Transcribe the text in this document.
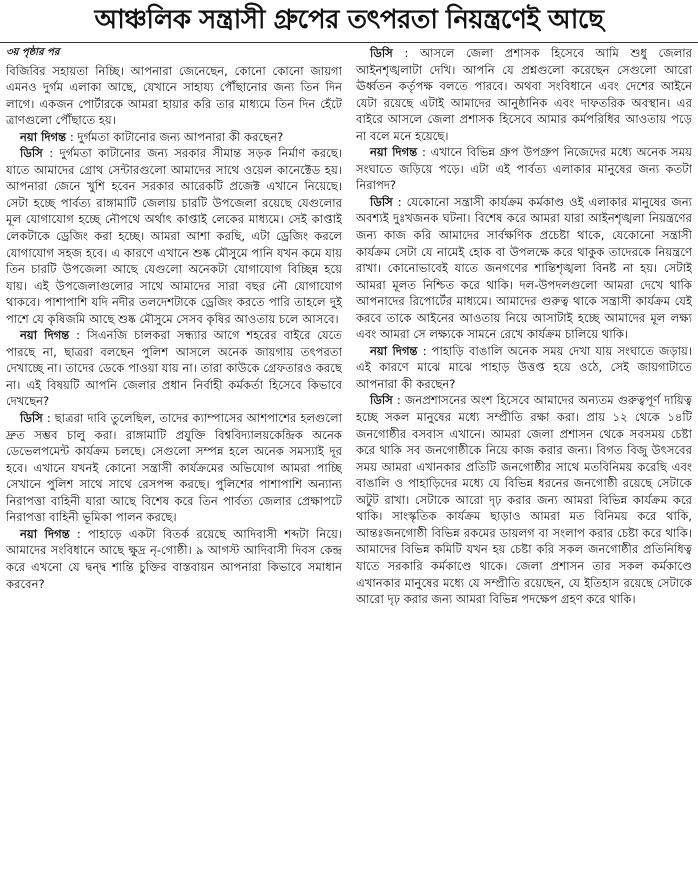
আঞ্চলিক সন্ত্রাসী গ্রুপের তৎপরতা নিয়ন্ত্রণেই আছে
৩য় পৃষ্ঠার পর

বিজিবির সহায়তা নিচ্ছি। আপনারা জেনেছেন, কোনো কোনো জায়গা এমনও দুর্গম এলাকা আছে, যেখানে সাহায্য পৌঁছানোর জন্য তিন দিন লাগে। একজন পোর্টারকে আমরা হায়ার করি তার মাধ্যমে তিন দিন হেঁটে ত্রাণগুলো পৌঁছাতে হয়।

নয়া দিগন্ত : দুর্গমতা কাটানোর জন্য আপনারা কী করছেন?

ডিসি : দুর্গমতা কাটানোর জন্য সরকার সীমান্ত সড়ক নির্মাণ করছে। যাতে আমাদের গ্রোথ সেন্টারগুলো আমাদের সাথে ওয়েল কানেক্টেড হয়। আপনারা জেনে খুশি হবেন সরকার আরেকটি প্রজেক্ট এখানে নিয়েছে। সেটা হচ্ছে পার্বত্য রাঙ্গামাটি জেলায় চারটি উপজেলা রয়েছে যেগুলোর মূল যোগাযোগ হচ্ছে নৌপথে অর্থাৎ কাপ্তাই লেকের মাধ্যমে। সেই কাপ্তাই লেকটাকে ড্রেজিং করা হচ্ছে। আমরা আশা করছি, এটা ড্রেজিং করলে যোগাযোগ সহজ হবে। এ কারণে এখানে শুষ্ক মৌসুমে পানি যখন কমে যায় তিন চারটি উপজেলা আছে যেগুলো অনেকটা যোগাযোগ বিচ্ছিন্ন হয়ে যায়। এই উপজেলাগুলোর সাথে আমাদের সারা বছর নৌ যোগাযোগ থাকবে। পাশাপাশি যদি নদীর তলদেশটাকে ড্রেজিং করতে পারি তাহলে দুই পাশে যে কৃষিজমি আছে শুষ্ক মৌসুমে সেসব কৃষির আওতায় চলে আসবে।

নয়া দিগন্ত : সিএনজি চালকরা সন্ধ্যার আগে শহরের বাইরে যেতে পারছে না, ছাত্ররা বলছেন পুলিশ আসলে অনেক জায়গায় তৎপরতা দেখাচ্ছে না। তাদের ডেকে পাওয়া যায় না। তারা কাউকে গ্রেফতারও করছে না। এই বিষয়টি আপনি জেলার প্রধান নির্বাহী কর্মকর্তা হিসেবে কিভাবে দেখছেন?

ডিসি : ছাত্ররা দাবি তুলেছিল, তাদের ক্যাম্পাসের আশপাশের হলগুলো দ্রুত সম্ভব চালু করা। রাঙ্গামাটি প্রযুক্তি বিশ্ববিদ্যালয়কেন্দ্রিক অনেক ডেভেলপমেন্ট কার্যক্রম চলছে। সেগুলো সম্পন্ন হলে অনেক সমস্যাই দূর হবে। এখানে যখনই কোনো সন্ত্রাসী কার্যক্রমের অভিযোগ আমরা পাচ্ছি সেখানে পুলিশ সাথে সাথে রেসপন্স করছে। পুলিশের পাশাপাশি অন্যান্য নিরাপত্তা বাহিনী যারা আছে বিশেষ করে তিন পার্বত্য জেলার প্রেক্ষাপটে নিরাপত্তা বাহিনী ভূমিকা পালন করছে।

নয়া দিগন্ত : পাহাড়ে একটা বিতর্ক রয়েছে আদিবাসী শব্দটা নিয়ে। আমাদের সংবিধানে আছে ক্ষুদ্র নৃ-গোষ্ঠী। ৯ আগস্ট আদিবাসী দিবস কেন্দ্র করে এখনো যে দ্বন্দ্ব শান্তি চুক্তির বাস্তবায়ন আপনারা কিভাবে সমাধান করবেন?

ডিসি : আসলে জেলা প্রশাসক হিসেবে আমি শুধু জেলার আইনশৃঙ্খলাটা দেখি। আপনি যে প্রশ্নগুলো করেছেন সেগুলো আরো ঊর্ধ্বতন কর্তৃপক্ষ বলতে পারবে। অথবা সংবিধানে এবং দেশের আইনে যেটা রয়েছে এটাই আমাদের আনুষ্ঠানিক এবং দাফতরিক অবস্থান। এর বাইরে আসলে জেলা প্রশাসক হিসেবে আমার কর্মপরিধির আওতায় পড়ে না বলে মনে হয়েছে।

নয়া দিগন্ত : এখানে বিভিন্ন গ্রুপ উপগ্রুপ নিজেদের মধ্যে অনেক সময় সংঘাতে জড়িয়ে পড়ে। এটা এই পার্বত্য এলাকার মানুষের জন্য কতটা নিরাপদ?

ডিসি : যেকোনো সন্ত্রাসী কার্যক্রম কর্মকাণ্ড ওই এলাকার মানুষের জন্য অবশ্যই দুঃখজনক ঘটনা। বিশেষ করে আমরা যারা আইনশৃঙ্খলা নিয়ন্ত্রণের জন্য কাজ করি আমাদের সার্বক্ষণিক প্রচেষ্টা থাকে, যেকোনো সন্ত্রাসী কার্যক্রম সেটা যে নামেই হোক বা উপলক্ষে করে থাকুক তাদেরকে নিয়ন্ত্রণে রাখা। কোনোভাবেই যাতে জনগণের শান্তিশৃঙ্খলা বিনষ্ট না হয়। সেটাই আমরা মূলত নিশ্চিত করে থাকি। দল-উপদলগুলো আমরা দেখে থাকি আপনাদের রিপোর্টের মাধ্যমে। আমাদের গুরুত্ব থাকে সন্ত্রাসী কার্যক্রম যেই করবে তাকে আইনের আওতায় নিয়ে আসাটাই হচ্ছে আমাদের মূল লক্ষ্য এবং আমরা সে লক্ষ্যকে সামনে রেখে কার্যক্রম চালিয়ে থাকি।

নয়া দিগন্ত : পাহাড়ি বাঙালি অনেক সময় দেখা যায় সংঘাতে জড়ায়। এই কারণে মাঝে মাঝে পাহাড় উত্তপ্ত হয়ে ওঠে, সেই জায়গাটাতে আপনারা কী করছেন?

ডিসি : জনপ্রশাসনের অংশ হিসেবে আমাদের অন্যতম গুরুত্বপূর্ণ দায়িত্ব হচ্ছে সকল মানুষের মধ্যে সম্প্রীতি রক্ষা করা। প্রায় ১২ থেকে ১৪টি জনগোষ্ঠীর বসবাস এখানে। আমরা জেলা প্রশাসন থেকে সবসময় চেষ্টা করে থাকি সব জনগোষ্ঠীকে নিয়ে কাজ করার জন্য। বিগত বিজু উৎসবের সময় আমরা এখানকার প্রতিটি জনগোষ্ঠীর সাথে মতবিনিময় করেছি এবং বাঙালি ও পাহাড়িদের মধ্যে যে বিভিন্ন ধরনের জনগোষ্ঠী রয়েছে সেটাকে অটুট রাখা। সেটাকে আরো দৃঢ় করার জন্য আমরা বিভিন্ন কার্যক্রম করে থাকি। সাংস্কৃতিক কার্যক্রম ছাড়াও আমরা মত বিনিময় করে থাকি, আন্তঃজনগোষ্ঠী বিভিন্ন রকমের ডায়লগ বা সংলাপ করার চেষ্টা করে থাকি। আমাদের বিভিন্ন কমিটি যখন হয় চেষ্টা করি সকল জনগোষ্ঠীর প্রতিনিধিত্ব যাতে সরকারি কর্মকাণ্ডে থাকে। জেলা প্রশাসন তার সকল কর্মকাণ্ডে এখানকার মানুষের মধ্যে যে সম্প্রীতি রয়েছেন, যে ইতিহাস রয়েছে সেটাকে আরো দৃঢ় করার জন্য আমরা বিভিন্ন পদক্ষেপ গ্রহণ করে থাকি।
